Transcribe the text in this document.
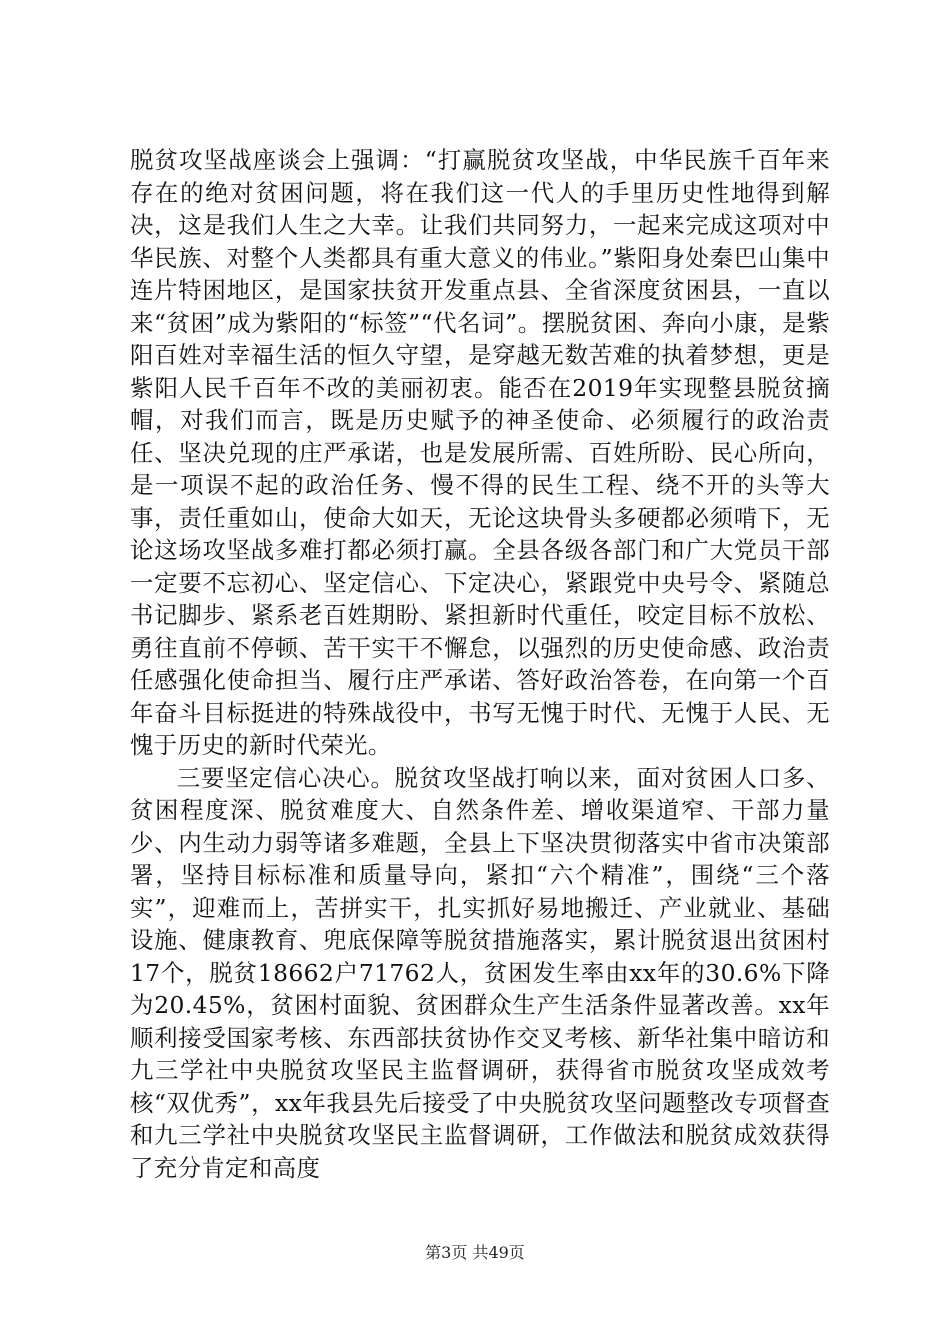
脱贫攻坚战座谈会上强调：“打赢脱贫攻坚战，中华民族千百年来存在的绝对贫困问题，将在我们这一代人的手里历史性地得到解决，这是我们人生之大幸。让我们共同努力，一起来完成这项对中华民族、对整个人类都具有重大意义的伟业。”紫阳身处秦巴山集中连片特困地区，是国家扶贫开发重点县、全省深度贫困县，一直以来“贫困”成为紫阳的“标签”“代名词”。摆脱贫困、奔向小康，是紫阳百姓对幸福生活的恒久守望，是穿越无数苦难的执着梦想，更是紫阳人民千百年不改的美丽初衷。能否在2019年实现整县脱贫摘帽，对我们而言，既是历史赋予的神圣使命、必须履行的政治责任、坚决兑现的庄严承诺，也是发展所需、百姓所盼、民心所向，是一项误不起的政治任务、慢不得的民生工程、绕不开的头等大事，责任重如山，使命大如天，无论这块骨头多硬都必须啃下，无论这场攻坚战多难打都必须打赢。全县各级各部门和广大党员干部一定要不忘初心、坚定信心、下定决心，紧跟党中央号令、紧随总书记脚步、紧系老百姓期盼、紧担新时代重任，咬定目标不放松、勇往直前不停顿、苦干实干不懈怠，以强烈的历史使命感、政治责任感强化使命担当、履行庄严承诺、答好政治答卷，在向第一个百年奋斗目标挺进的特殊战役中，书写无愧于时代、无愧于人民、无愧于历史的新时代荣光。

三要坚定信心决心。脱贫攻坚战打响以来，面对贫困人口多、贫困程度深、脱贫难度大、自然条件差、增收渠道窄、干部力量少、内生动力弱等诸多难题，全县上下坚决贯彻落实中省市决策部署，坚持目标标准和质量导向，紧扣“六个精准”，围绕“三个落实”，迎难而上，苦拼实干，扎实抓好易地搬迁、产业就业、基础设施、健康教育、兜底保障等脱贫措施落实，累计脱贫退出贫困村17个，脱贫18662户71762人，贫困发生率由xx年的30.6%下降为20.45%，贫困村面貌、贫困群众生产生活条件显著改善。xx年顺利接受国家考核、东西部扶贫协作交叉考核、新华社集中暗访和九三学社中央脱贫攻坚民主监督调研，获得省市脱贫攻坚成效考核“双优秀”，xx年我县先后接受了中央脱贫攻坚问题整改专项督查和九三学社中央脱贫攻坚民主监督调研，工作做法和脱贫成效获得了充分肯定和高度

第3页 共49页
